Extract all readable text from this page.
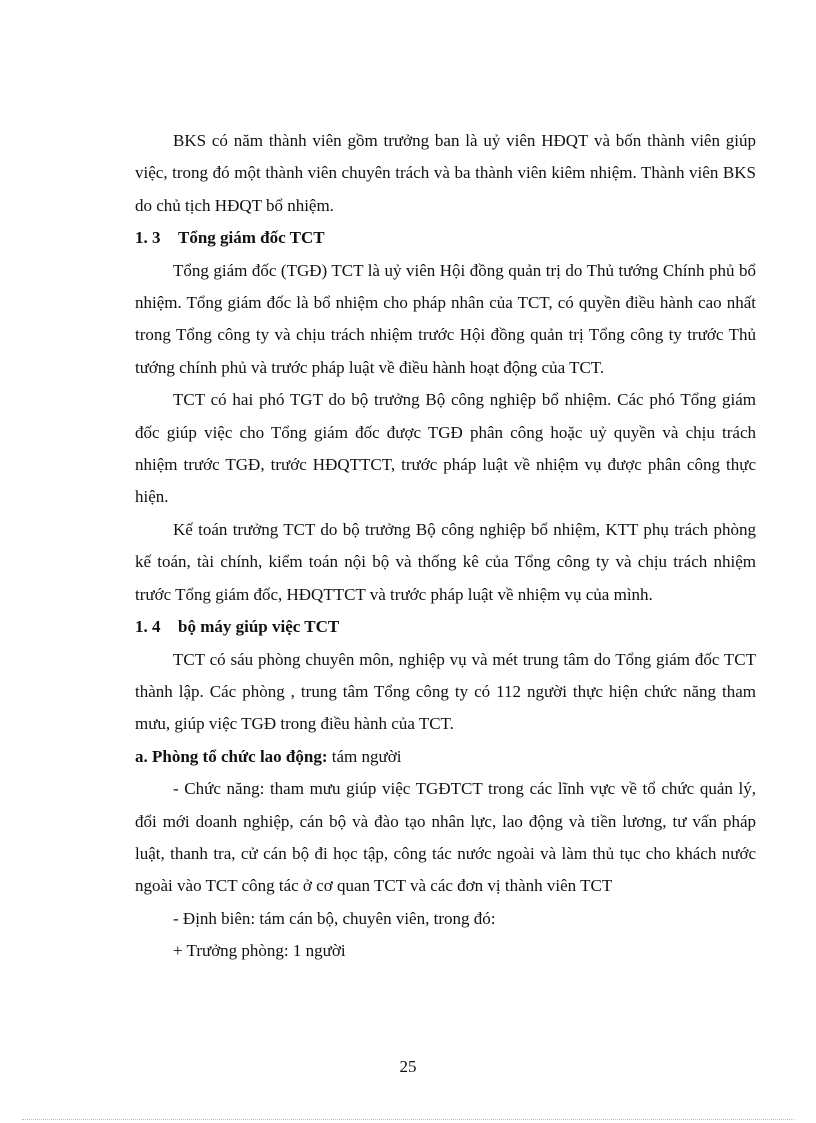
BKS có năm thành viên gồm trưởng ban là uỷ viên HĐQT và bốn thành viên giúp việc, trong đó một thành viên chuyên trách và ba thành viên kiêm nhiệm. Thành viên BKS do chủ tịch HĐQT bổ nhiệm.

1. 3 Tổng giám đốc TCT

Tổng giám đốc (TGĐ) TCT là uỷ viên Hội đồng quản trị do Thủ tướng Chính phủ bổ nhiệm. Tổng giám đốc là bổ nhiệm cho pháp nhân của TCT, có quyền điều hành cao nhất trong Tổng công ty và chịu trách nhiệm trước Hội đồng quản trị Tổng công ty trước Thủ tướng chính phủ và trước pháp luật về điều hành hoạt động của TCT.

TCT có hai phó TGT do bộ trưởng Bộ công nghiệp bổ nhiệm. Các phó Tổng giám đốc giúp việc cho Tổng giám đốc được TGĐ phân công hoặc uỷ quyền và chịu trách nhiệm trước TGĐ, trước HĐQTTCT, trước pháp luật về nhiệm vụ được phân công thực hiện.

Kế toán trưởng TCT do bộ trưởng Bộ công nghiệp bổ nhiệm, KTT phụ trách phòng kế toán, tài chính, kiểm toán nội bộ và thống kê của Tổng công ty và chịu trách nhiệm trước Tổng giám đốc, HĐQTTCT và trước pháp luật về nhiệm vụ của mình.

1. 4 bộ máy giúp việc TCT

TCT có sáu phòng chuyên môn, nghiệp vụ và mét trung tâm do Tổng giám đốc TCT thành lập. Các phòng , trung tâm Tổng công ty có 112 người thực hiện chức năng tham mưu, giúp việc TGĐ trong điều hành của TCT.

a. Phòng tổ chức lao động: tám người

- Chức năng: tham mưu giúp việc TGĐTCT trong các lĩnh vực về tổ chức quản lý, đổi mới doanh nghiệp, cán bộ và đào tạo nhân lực, lao động và tiền lương, tư vấn pháp luật, thanh tra, cử cán bộ đi học tập, công tác nước ngoài và làm thủ tục cho khách nước ngoài vào TCT công tác ở cơ quan TCT và các đơn vị thành viên TCT

- Định biên: tám cán bộ, chuyên viên, trong đó:

+ Trưởng phòng: 1 người

25
